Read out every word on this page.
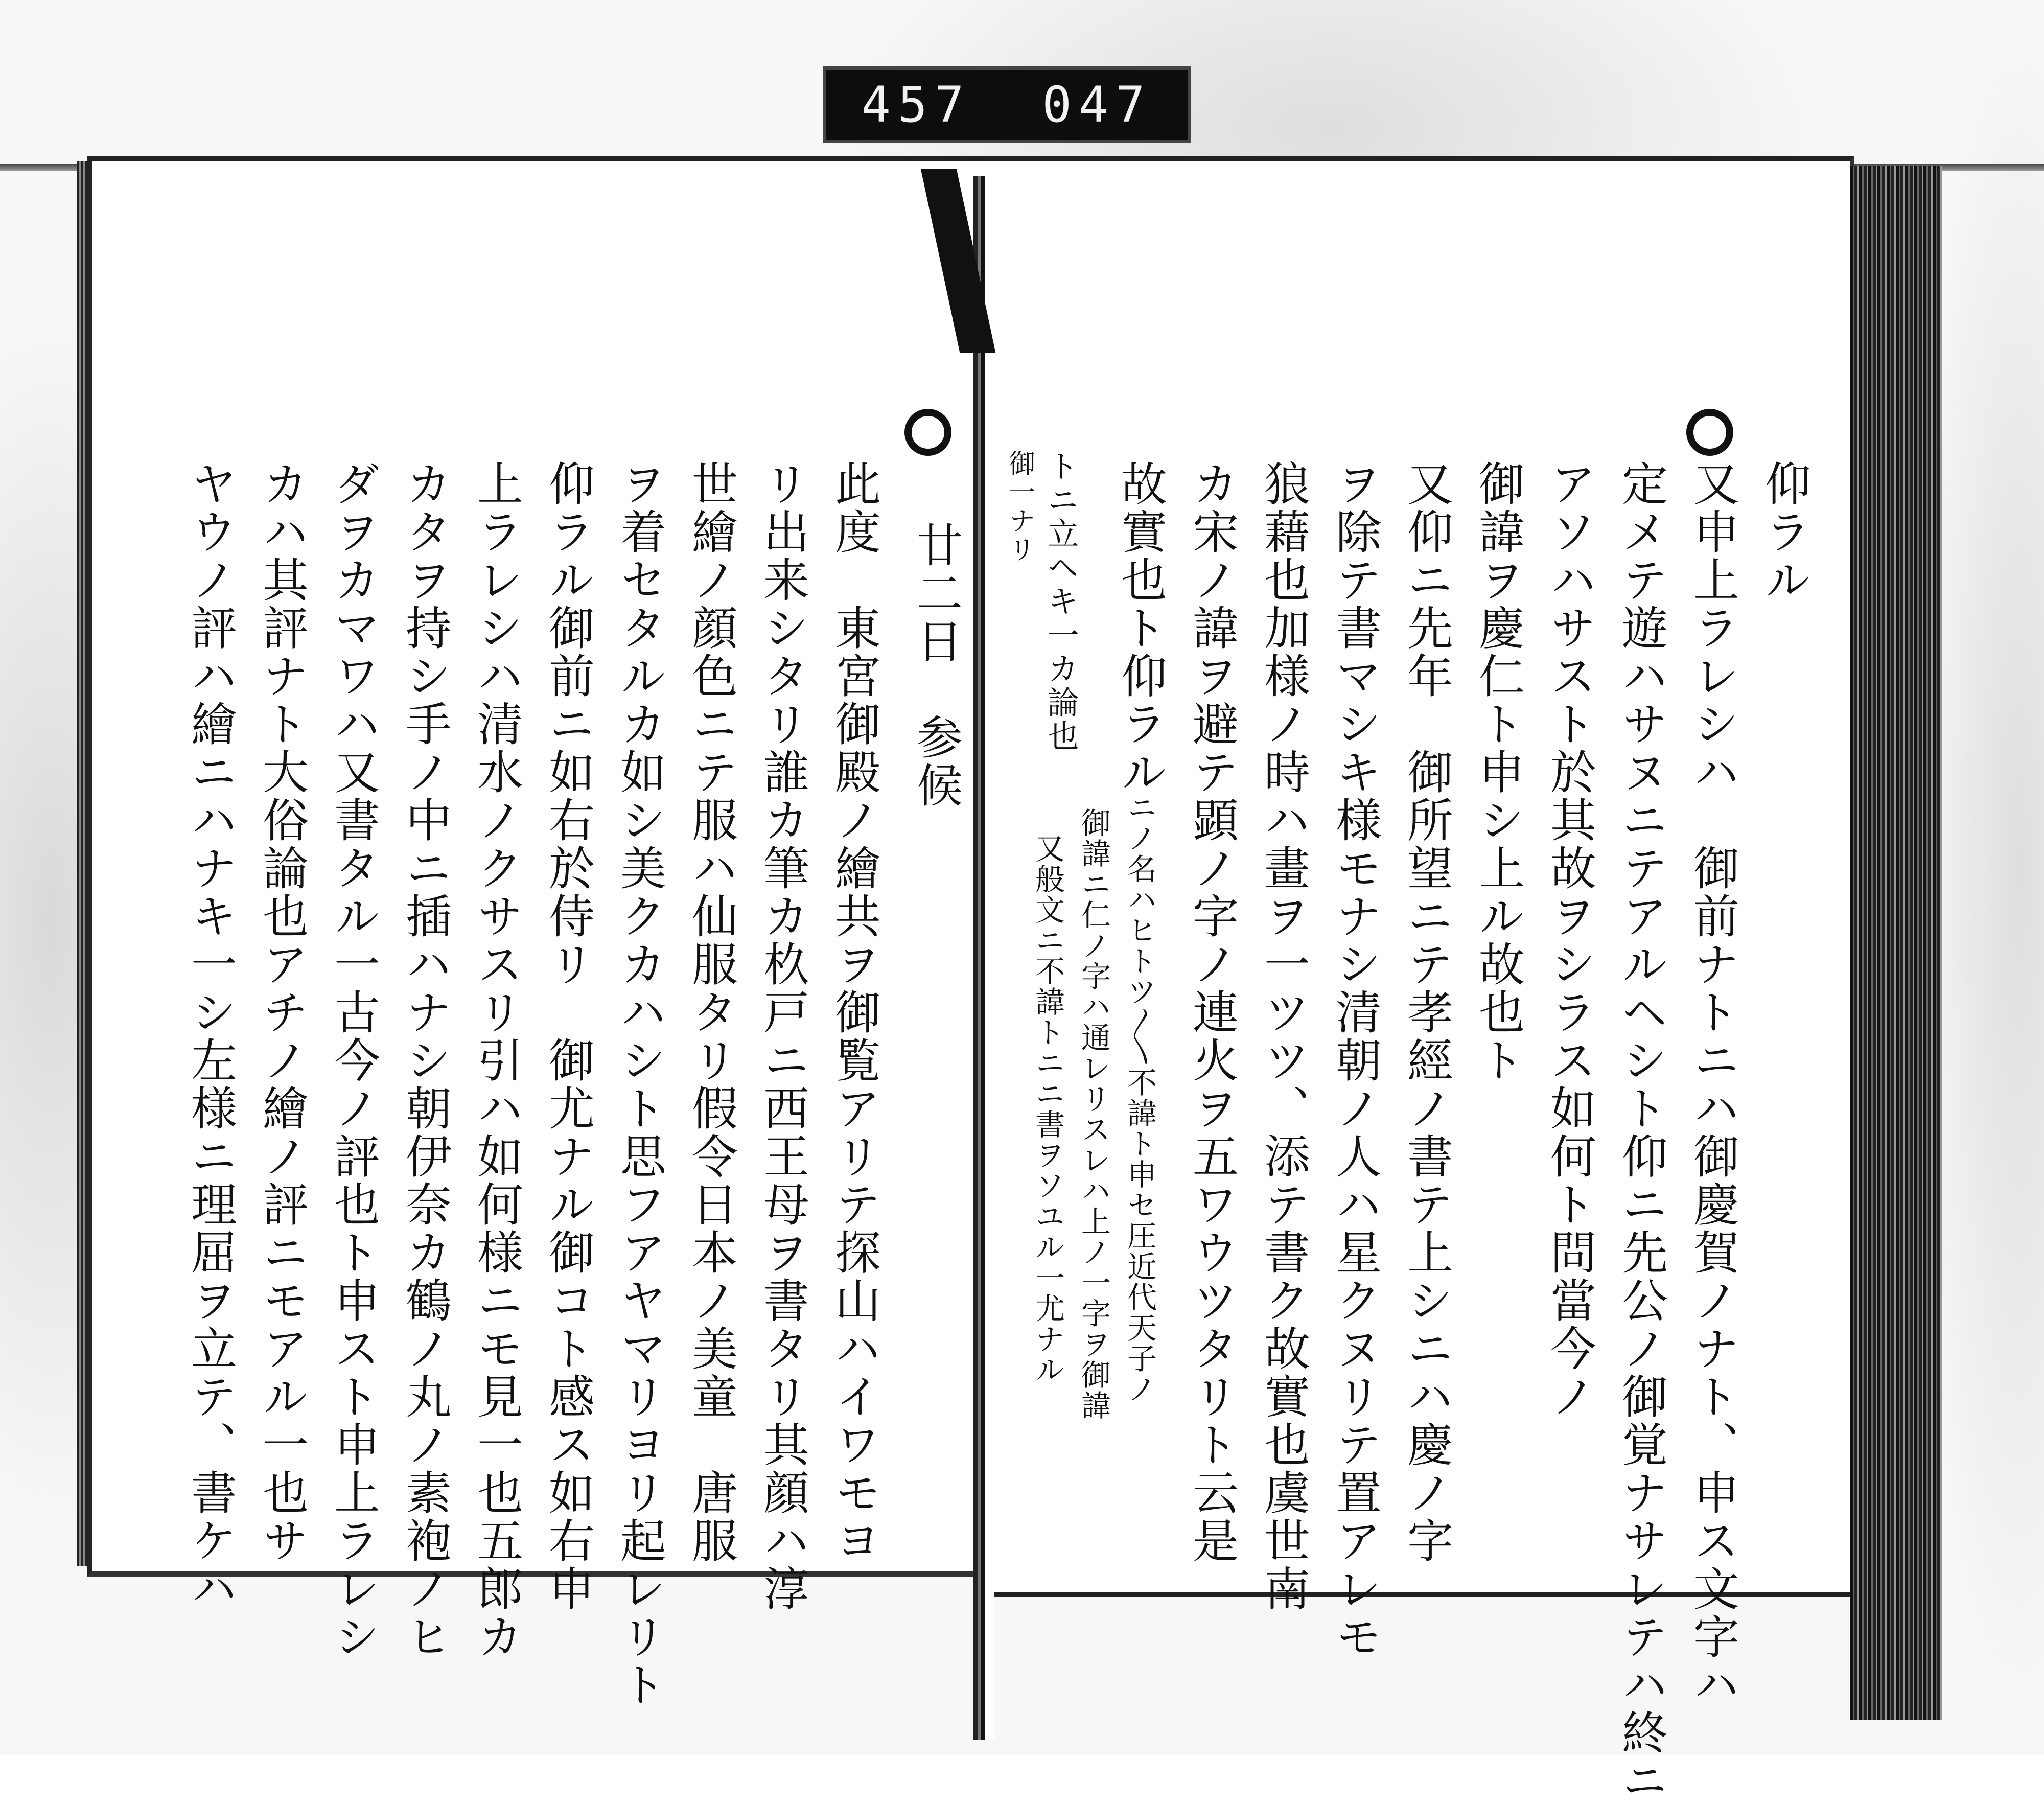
457 047
仰ラル
又申上ラレシハ　御前ナトニハ御慶賀ノナト、申ス文字ハ
定メテ遊ハサヌニテアルヘシト仰ニ先公ノ御覚ナサレテハ終ニ
アソハサスト於其故ヲシラス如何ト問當今ノ
御諱ヲ慶仁ト申シ上ル故也ト
又仰ニ先年　御所望ニテ孝經ノ書テ上シニハ慶ノ字
ヲ除テ書マシキ様モナシ清朝ノ人ハ星クヌリテ置アレモ
狼藉也加様ノ時ハ畫ヲ一ツツ、添テ書ク故實也虞世南
カ宋ノ諱ヲ避テ顕ノ字ノ連火ヲ五ワウツタリト云是
故實也ト仰ラル
ニノ名ハヒトツ〳〵不諱ト申セ圧近代天子ノ
御諱ニ仁ノ字ハ通レリスレハ上ノ一字ヲ御諱
又般文ニ不諱トニニ書ヲソユル一尤ナル
トニ立ヘキ一カ論也
御一ナリ
廿二日　参候
此度　東宮御殿ノ繪共ヲ御覧アリテ探山ハイワモヨ
リ出来シタリ誰カ筆カ杦戸ニ西王母ヲ書タリ其顔ハ淳
世繪ノ顔色ニテ服ハ仙服タリ假令日本ノ美童　唐服
ヲ着セタルカ如シ美クカハシト思フアヤマリヨリ起レリト
仰ラル御前ニ如右於侍リ　御尤ナル御コト感ス如右申
上ラレシハ清水ノクサスリ引ハ如何様ニモ見一也五郎カ
カタヲ持シ手ノ中ニ插ハナシ朝伊奈カ鶴ノ丸ノ素袍ノヒ
ダヲカマワハ又書タル一古今ノ評也ト申スト申上ラレシ
カハ其評ナト大俗論也アチノ繪ノ評ニモアル一也サ
ヤウノ評ハ繪ニハナキ一シ左様ニ理屈ヲ立テ、書ケハ
